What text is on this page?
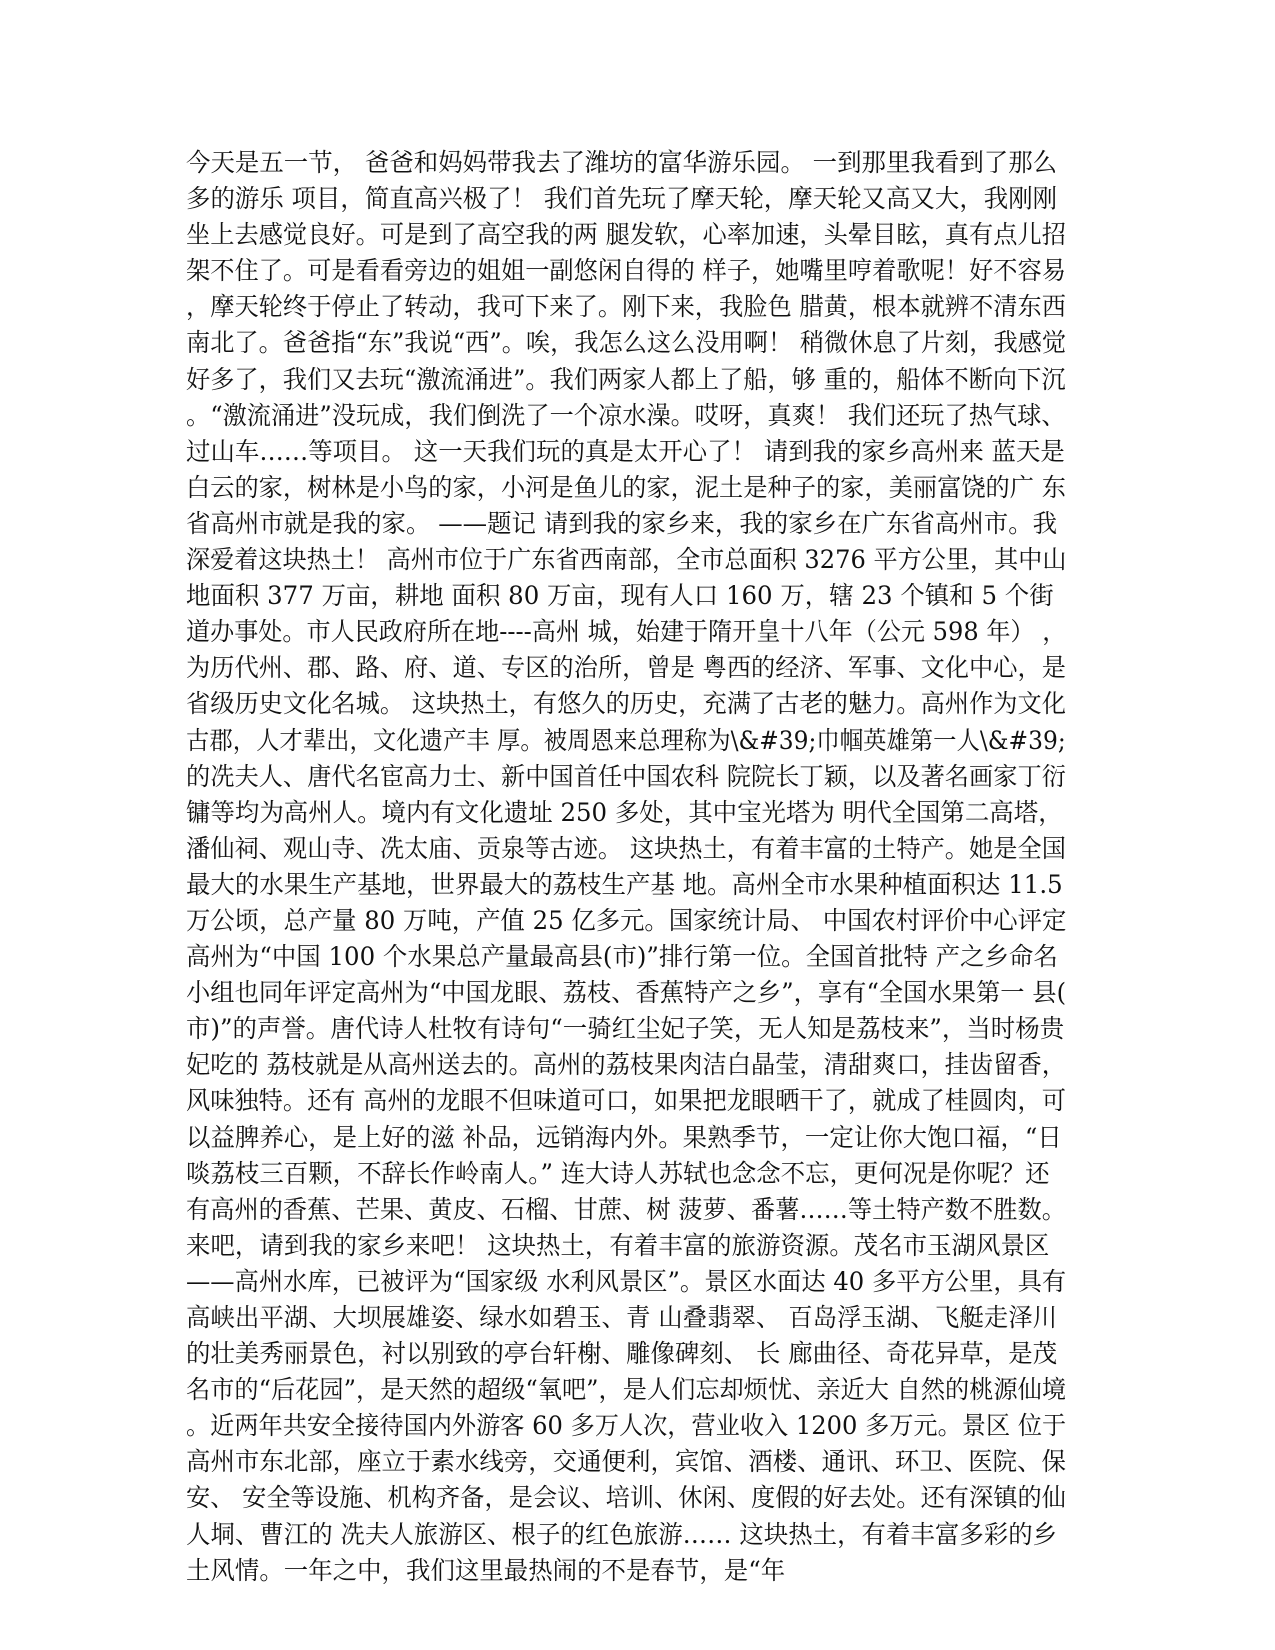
今天是五一节， 爸爸和妈妈带我去了潍坊的富华游乐园。 一到那里我看到了那么
多的游乐 项目，简直高兴极了！ 我们首先玩了摩天轮，摩天轮又高又大，我刚刚
坐上去感觉良好。可是到了高空我的两 腿发软，心率加速，头晕目眩，真有点儿招
架不住了。可是看看旁边的姐姐一副悠闲自得的 样子，她嘴里哼着歌呢！好不容易
，摩天轮终于停止了转动，我可下来了。刚下来，我脸色 腊黄，根本就辨不清东西
南北了。爸爸指“东”我说“西”。唉，我怎么这么没用啊！ 稍微休息了片刻，我感觉
好多了，我们又去玩“激流涌进”。我们两家人都上了船，够 重的，船体不断向下沉
。“激流涌进”没玩成，我们倒洗了一个凉水澡。哎呀，真爽！ 我们还玩了热气球、
过山车……等项目。 这一天我们玩的真是太开心了！ 请到我的家乡高州来 蓝天是
白云的家，树林是小鸟的家，小河是鱼儿的家，泥土是种子的家，美丽富饶的广 东
省高州市就是我的家。 ——题记 请到我的家乡来，我的家乡在广东省高州市。我
深爱着这块热土！ 高州市位于广东省西南部，全市总面积 3276 平方公里，其中山
地面积 377 万亩，耕地 面积 80 万亩，现有人口 160 万，辖 23 个镇和 5 个街
道办事处。市人民政府所在地----高州 城，始建于隋开皇十八年（公元 598 年） ，
为历代州、郡、路、府、道、专区的治所，曾是 粤西的经济、军事、文化中心，是
省级历史文化名城。 这块热土，有悠久的历史，充满了古老的魅力。高州作为文化
古郡，人才辈出，文化遗产丰 厚。被周恩来总理称为\&#39;巾帼英雄第一人\&#39;
的冼夫人、唐代名宦高力士、新中国首任中国农科 院院长丁颖，以及著名画家丁衍
镛等均为高州人。境内有文化遗址 250 多处，其中宝光塔为 明代全国第二高塔，
潘仙祠、观山寺、冼太庙、贡泉等古迹。 这块热土，有着丰富的土特产。她是全国
最大的水果生产基地，世界最大的荔枝生产基 地。高州全市水果种植面积达 11.5
万公顷，总产量 80 万吨，产值 25 亿多元。国家统计局、 中国农村评价中心评定
高州为“中国 100 个水果总产量最高县(市)”排行第一位。全国首批特 产之乡命名
小组也同年评定高州为“中国龙眼、荔枝、香蕉特产之乡”，享有“全国水果第一 县(
市)”的声誉。唐代诗人杜牧有诗句“一骑红尘妃子笑，无人知是荔枝来”，当时杨贵
妃吃的 荔枝就是从高州送去的。高州的荔枝果肉洁白晶莹，清甜爽口，挂齿留香，
风味独特。还有 高州的龙眼不但味道可口，如果把龙眼晒干了，就成了桂圆肉，可
以益脾养心，是上好的滋 补品，远销海内外。果熟季节，一定让你大饱口福，“日
啖荔枝三百颗，不辞长作岭南人。” 连大诗人苏轼也念念不忘，更何况是你呢？还
有高州的香蕉、芒果、黄皮、石榴、甘蔗、树 菠萝、番薯……等土特产数不胜数。
来吧，请到我的家乡来吧！ 这块热土，有着丰富的旅游资源。茂名市玉湖风景区
——高州水库，已被评为“国家级 水利风景区”。景区水面达 40 多平方公里，具有
高峡出平湖、大坝展雄姿、绿水如碧玉、青 山叠翡翠、 百岛浮玉湖、飞艇走泽川
的壮美秀丽景色，衬以别致的亭台轩榭、雕像碑刻、 长 廊曲径、奇花异草，是茂
名市的“后花园”，是天然的超级“氧吧”，是人们忘却烦忧、亲近大 自然的桃源仙境
。近两年共安全接待国内外游客 60 多万人次，营业收入 1200 多万元。景区 位于
高州市东北部，座立于素水线旁，交通便利，宾馆、酒楼、通讯、环卫、医院、保
安、 安全等设施、机构齐备，是会议、培训、休闲、度假的好去处。还有深镇的仙
人垌、曹江的 冼夫人旅游区、根子的红色旅游…… 这块热土，有着丰富多彩的乡
土风情。一年之中，我们这里最热闹的不是春节，是“年
